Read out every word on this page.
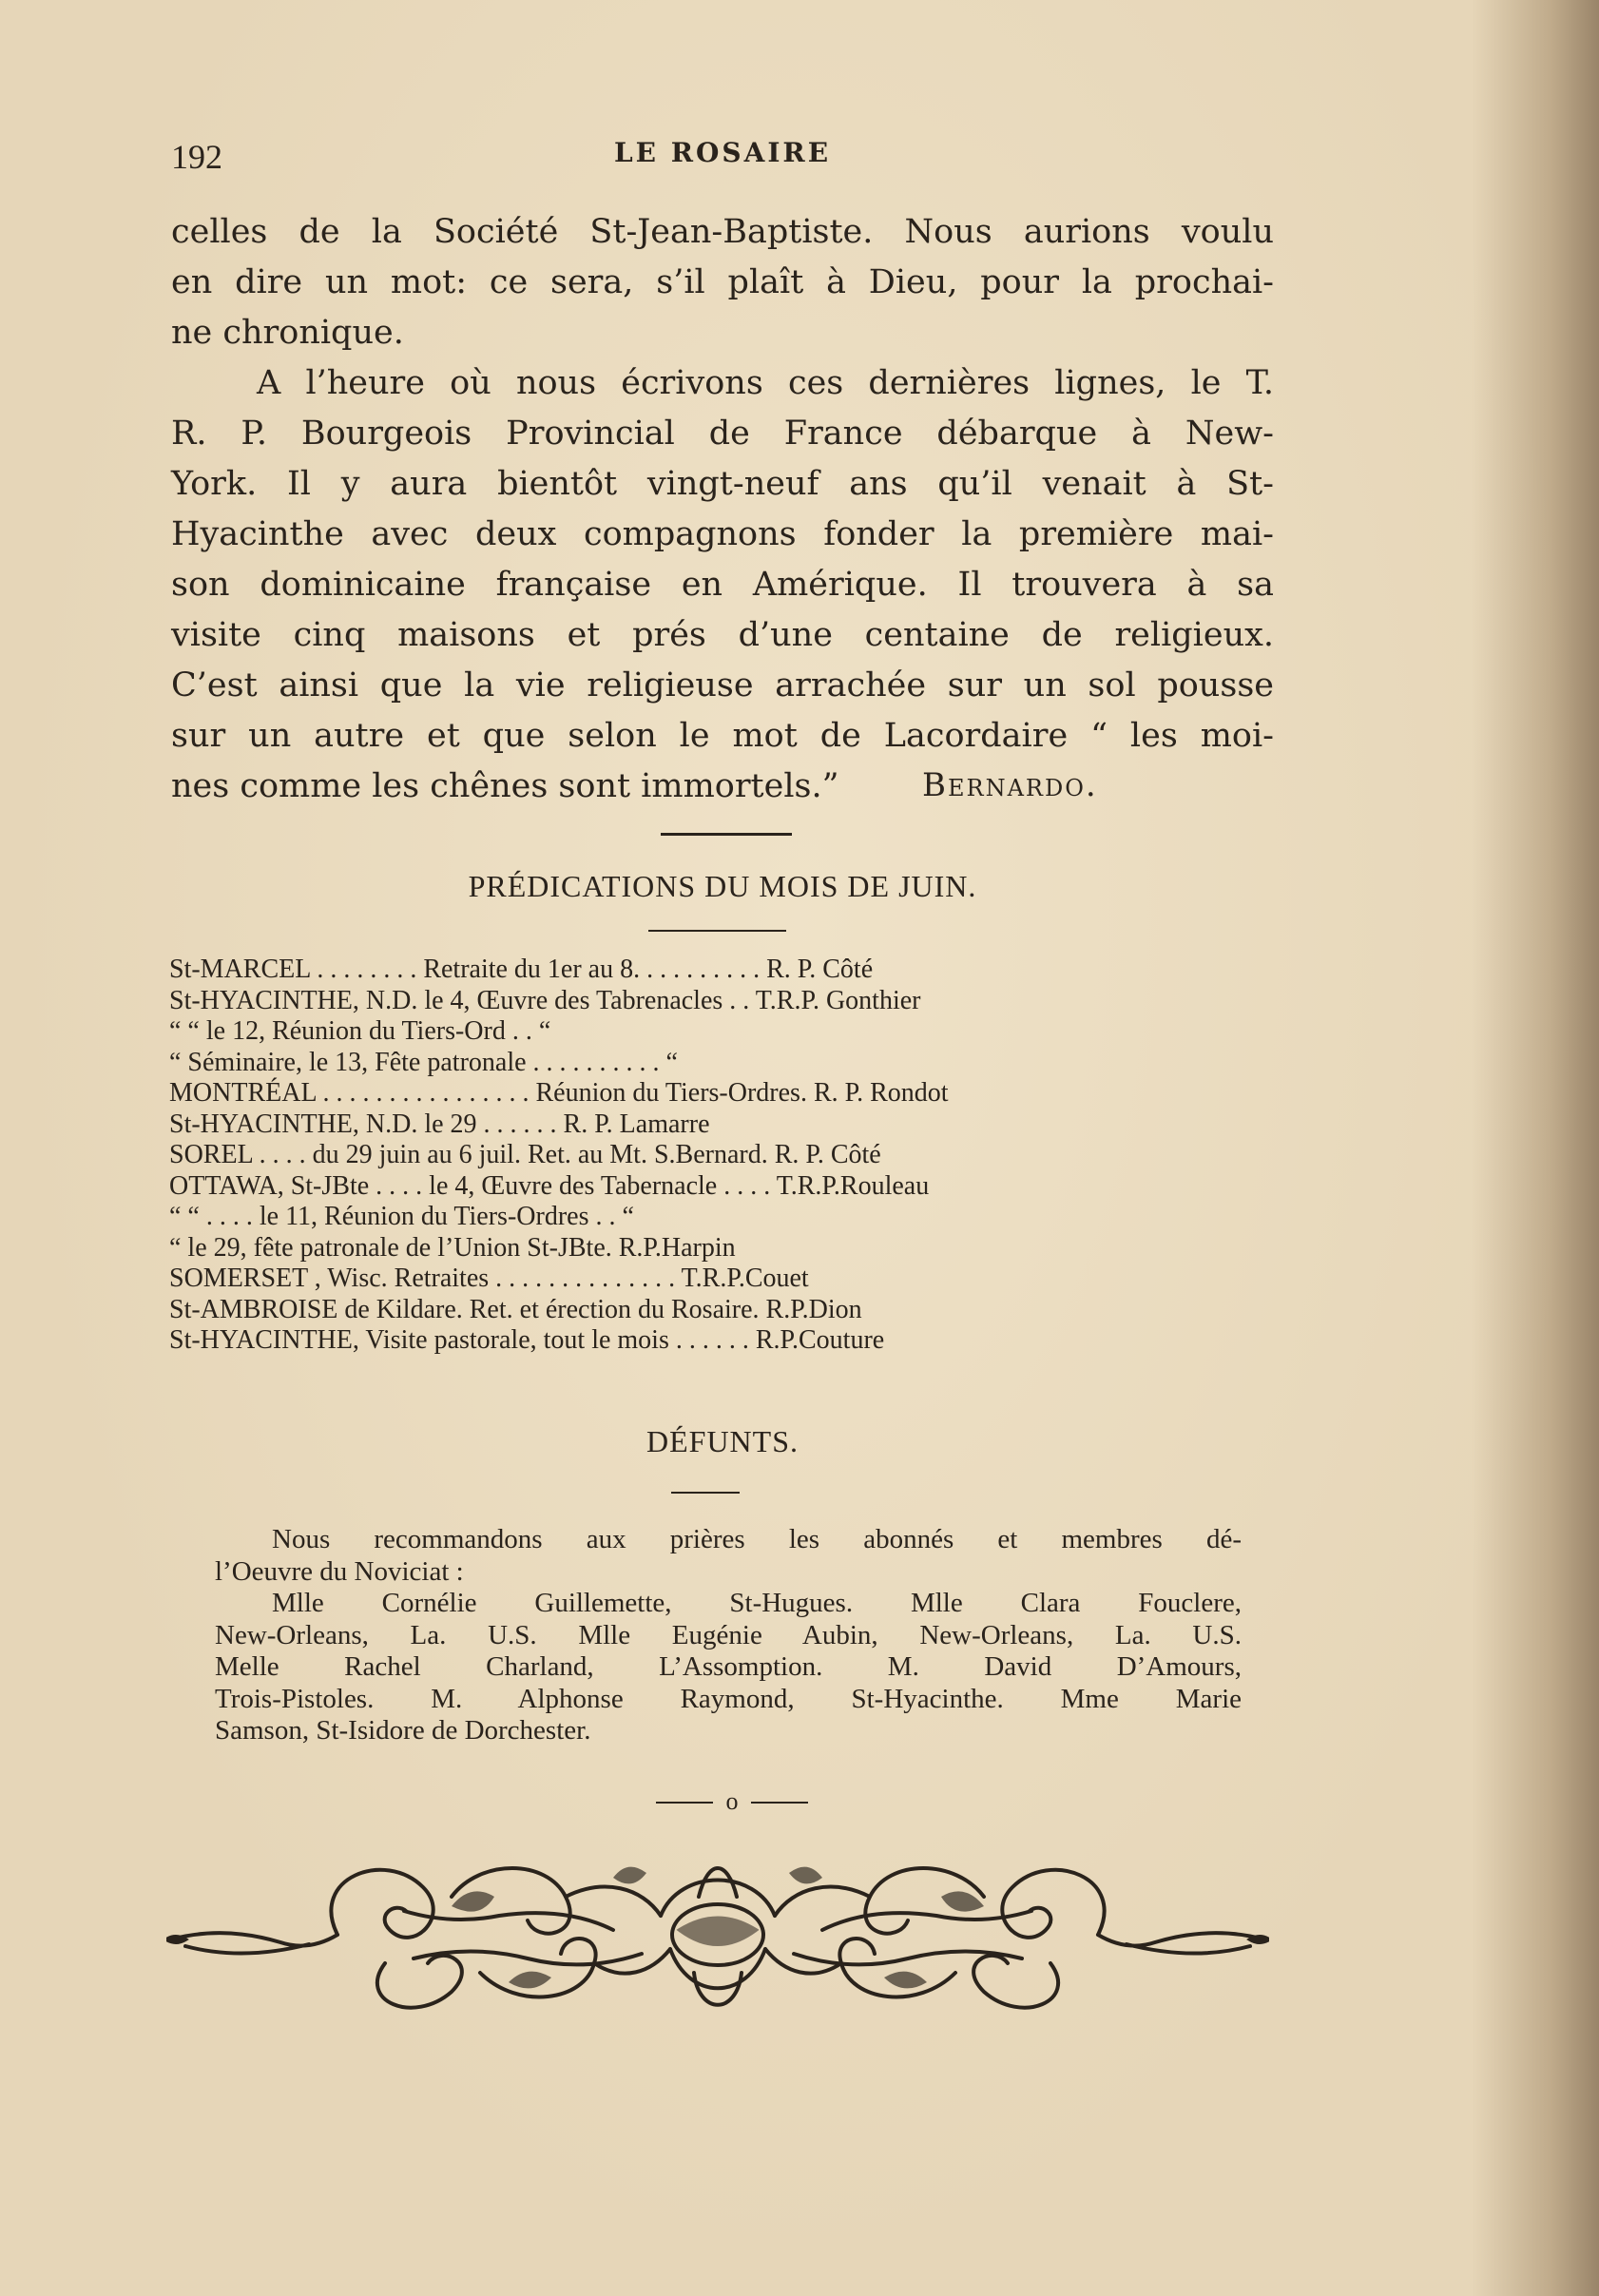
192	LE ROSAIRE
celles de la Société St-Jean-Baptiste. Nous aurions voulu
en dire un mot: ce sera, s’il plaît à Dieu, pour la prochai-
ne chronique.
A l’heure où nous écrivons ces dernières lignes, le T.
R. P. Bourgeois Provincial de France débarque à New-
York. Il y aura bientôt vingt-neuf ans qu’il venait à St-
Hyacinthe avec deux compagnons fonder la première mai-
son dominicaine française en Amérique. Il trouvera à sa
visite cinq maisons et prés d’une centaine de religieux.
C’est ainsi que la vie religieuse arrachée sur un sol pousse
sur un autre et que selon le mot de Lacordaire “ les moi-
nes comme les chênes sont immortels.”	Bernardo.
PRÉDICATIONS DU MOIS DE JUIN.
St-MARCEL . . . . . . . . Retraite du 1er au 8. . . . . . . . . . R. P. Côté
St-HYACINTHE, N.D. le 4, Œuvre des Tabrenacles . . T.R.P. Gonthier
“ “ le 12, Réunion du Tiers-Ord . . “
“ Séminaire, le 13, Fête patronale . . . . . . . . . . “
MONTRÉAL . . . . . . . . . . . . . . . . Réunion du Tiers-Ordres. R. P. Rondot
St-HYACINTHE, N.D. le 29 . . . . . . R. P. Lamarre
SOREL . . . . du 29 juin au 6 juil. Ret. au Mt. S.Bernard. R. P. Côté
OTTAWA, St-JBte . . . . le 4, Œuvre des Tabernacle . . . . T.R.P.Rouleau
“ “ . . . . le 11, Réunion du Tiers-Ordres . . “
“ le 29, fête patronale de l’Union St-JBte. R.P.Harpin
SOMERSET , Wisc. Retraites . . . . . . . . . . . . . . T.R.P.Couet
St-AMBROISE de Kildare. Ret. et érection du Rosaire. R.P.Dion
St-HYACINTHE, Visite pastorale, tout le mois . . . . . . R.P.Couture
DÉFUNTS.
Nous recommandons aux prières les abonnés et membres dé-
l’Oeuvre du Noviciat :
Mlle Cornélie Guillemette, St-Hugues. Mlle Clara Fouclere,
New-Orleans, La. U.S. Mlle Eugénie Aubin, New-Orleans, La. U.S.
Melle Rachel Charland, L’Assomption. M. David D’Amours,
Trois-Pistoles. M. Alphonse Raymond, St-Hyacinthe. Mme Marie
Samson, St-Isidore de Dorchester.
o
